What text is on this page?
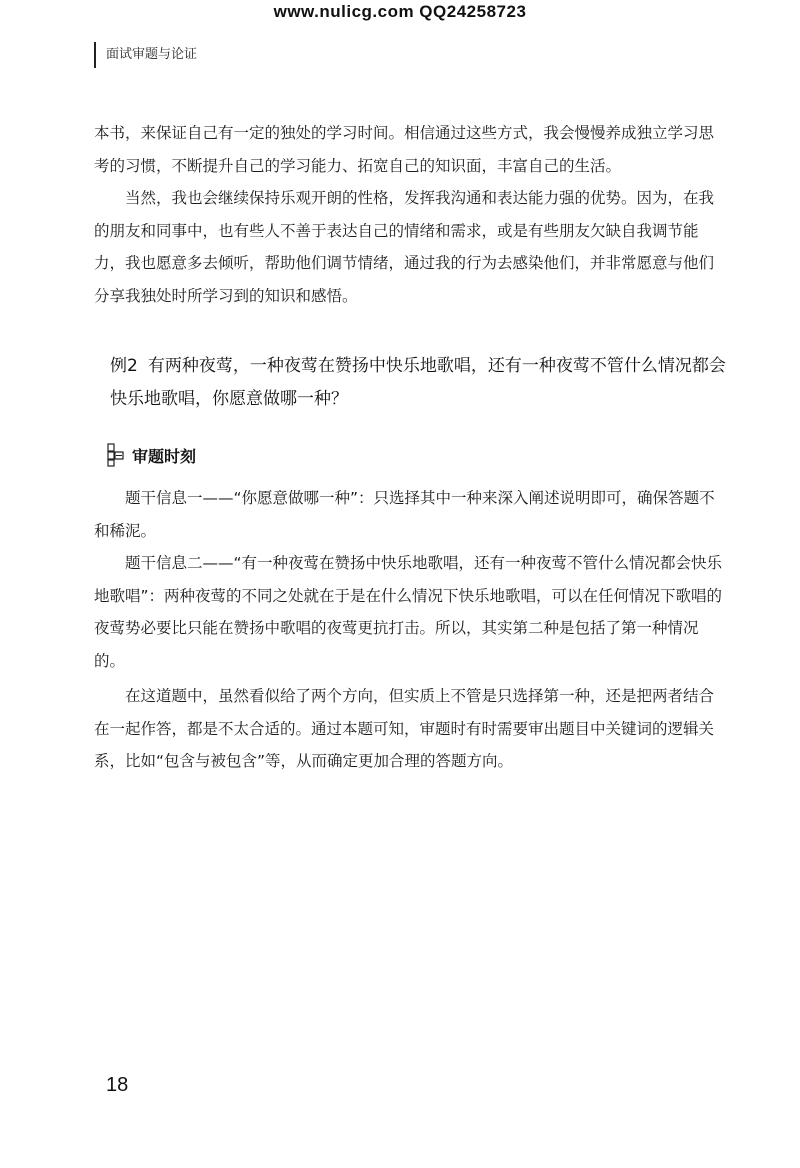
www.nulicg.com QQ24258723
面试审题与论证

本书，来保证自己有一定的独处的学习时间。相信通过这些方式，我会慢慢养成独立学习思考的习惯，不断提升自己的学习能力、拓宽自己的知识面，丰富自己的生活。

当然，我也会继续保持乐观开朗的性格，发挥我沟通和表达能力强的优势。因为，在我的朋友和同事中，也有些人不善于表达自己的情绪和需求，或是有些朋友欠缺自我调节能力，我也愿意多去倾听，帮助他们调节情绪，通过我的行为去感染他们，并非常愿意与他们分享我独处时所学习到的知识和感悟。

例2 有两种夜莺，一种夜莺在赞扬中快乐地歌唱，还有一种夜莺不管什么情况都会快乐地歌唱，你愿意做哪一种？
审题时刻

题干信息一——“你愿意做哪一种”：只选择其中一种来深入阐述说明即可，确保答题不和稀泥。

题干信息二——“有一种夜莺在赞扬中快乐地歌唱，还有一种夜莺不管什么情况都会快乐地歌唱”：两种夜莺的不同之处就在于是在什么情况下快乐地歌唱，可以在任何情况下歌唱的夜莺势必要比只能在赞扬中歌唱的夜莺更抗打击。所以，其实第二种是包括了第一种情况的。

在这道题中，虽然看似给了两个方向，但实质上不管是只选择第一种，还是把两者结合在一起作答，都是不太合适的。通过本题可知，审题时有时需要审出题目中关键词的逻辑关系，比如“包含与被包含”等，从而确定更加合理的答题方向。

18
